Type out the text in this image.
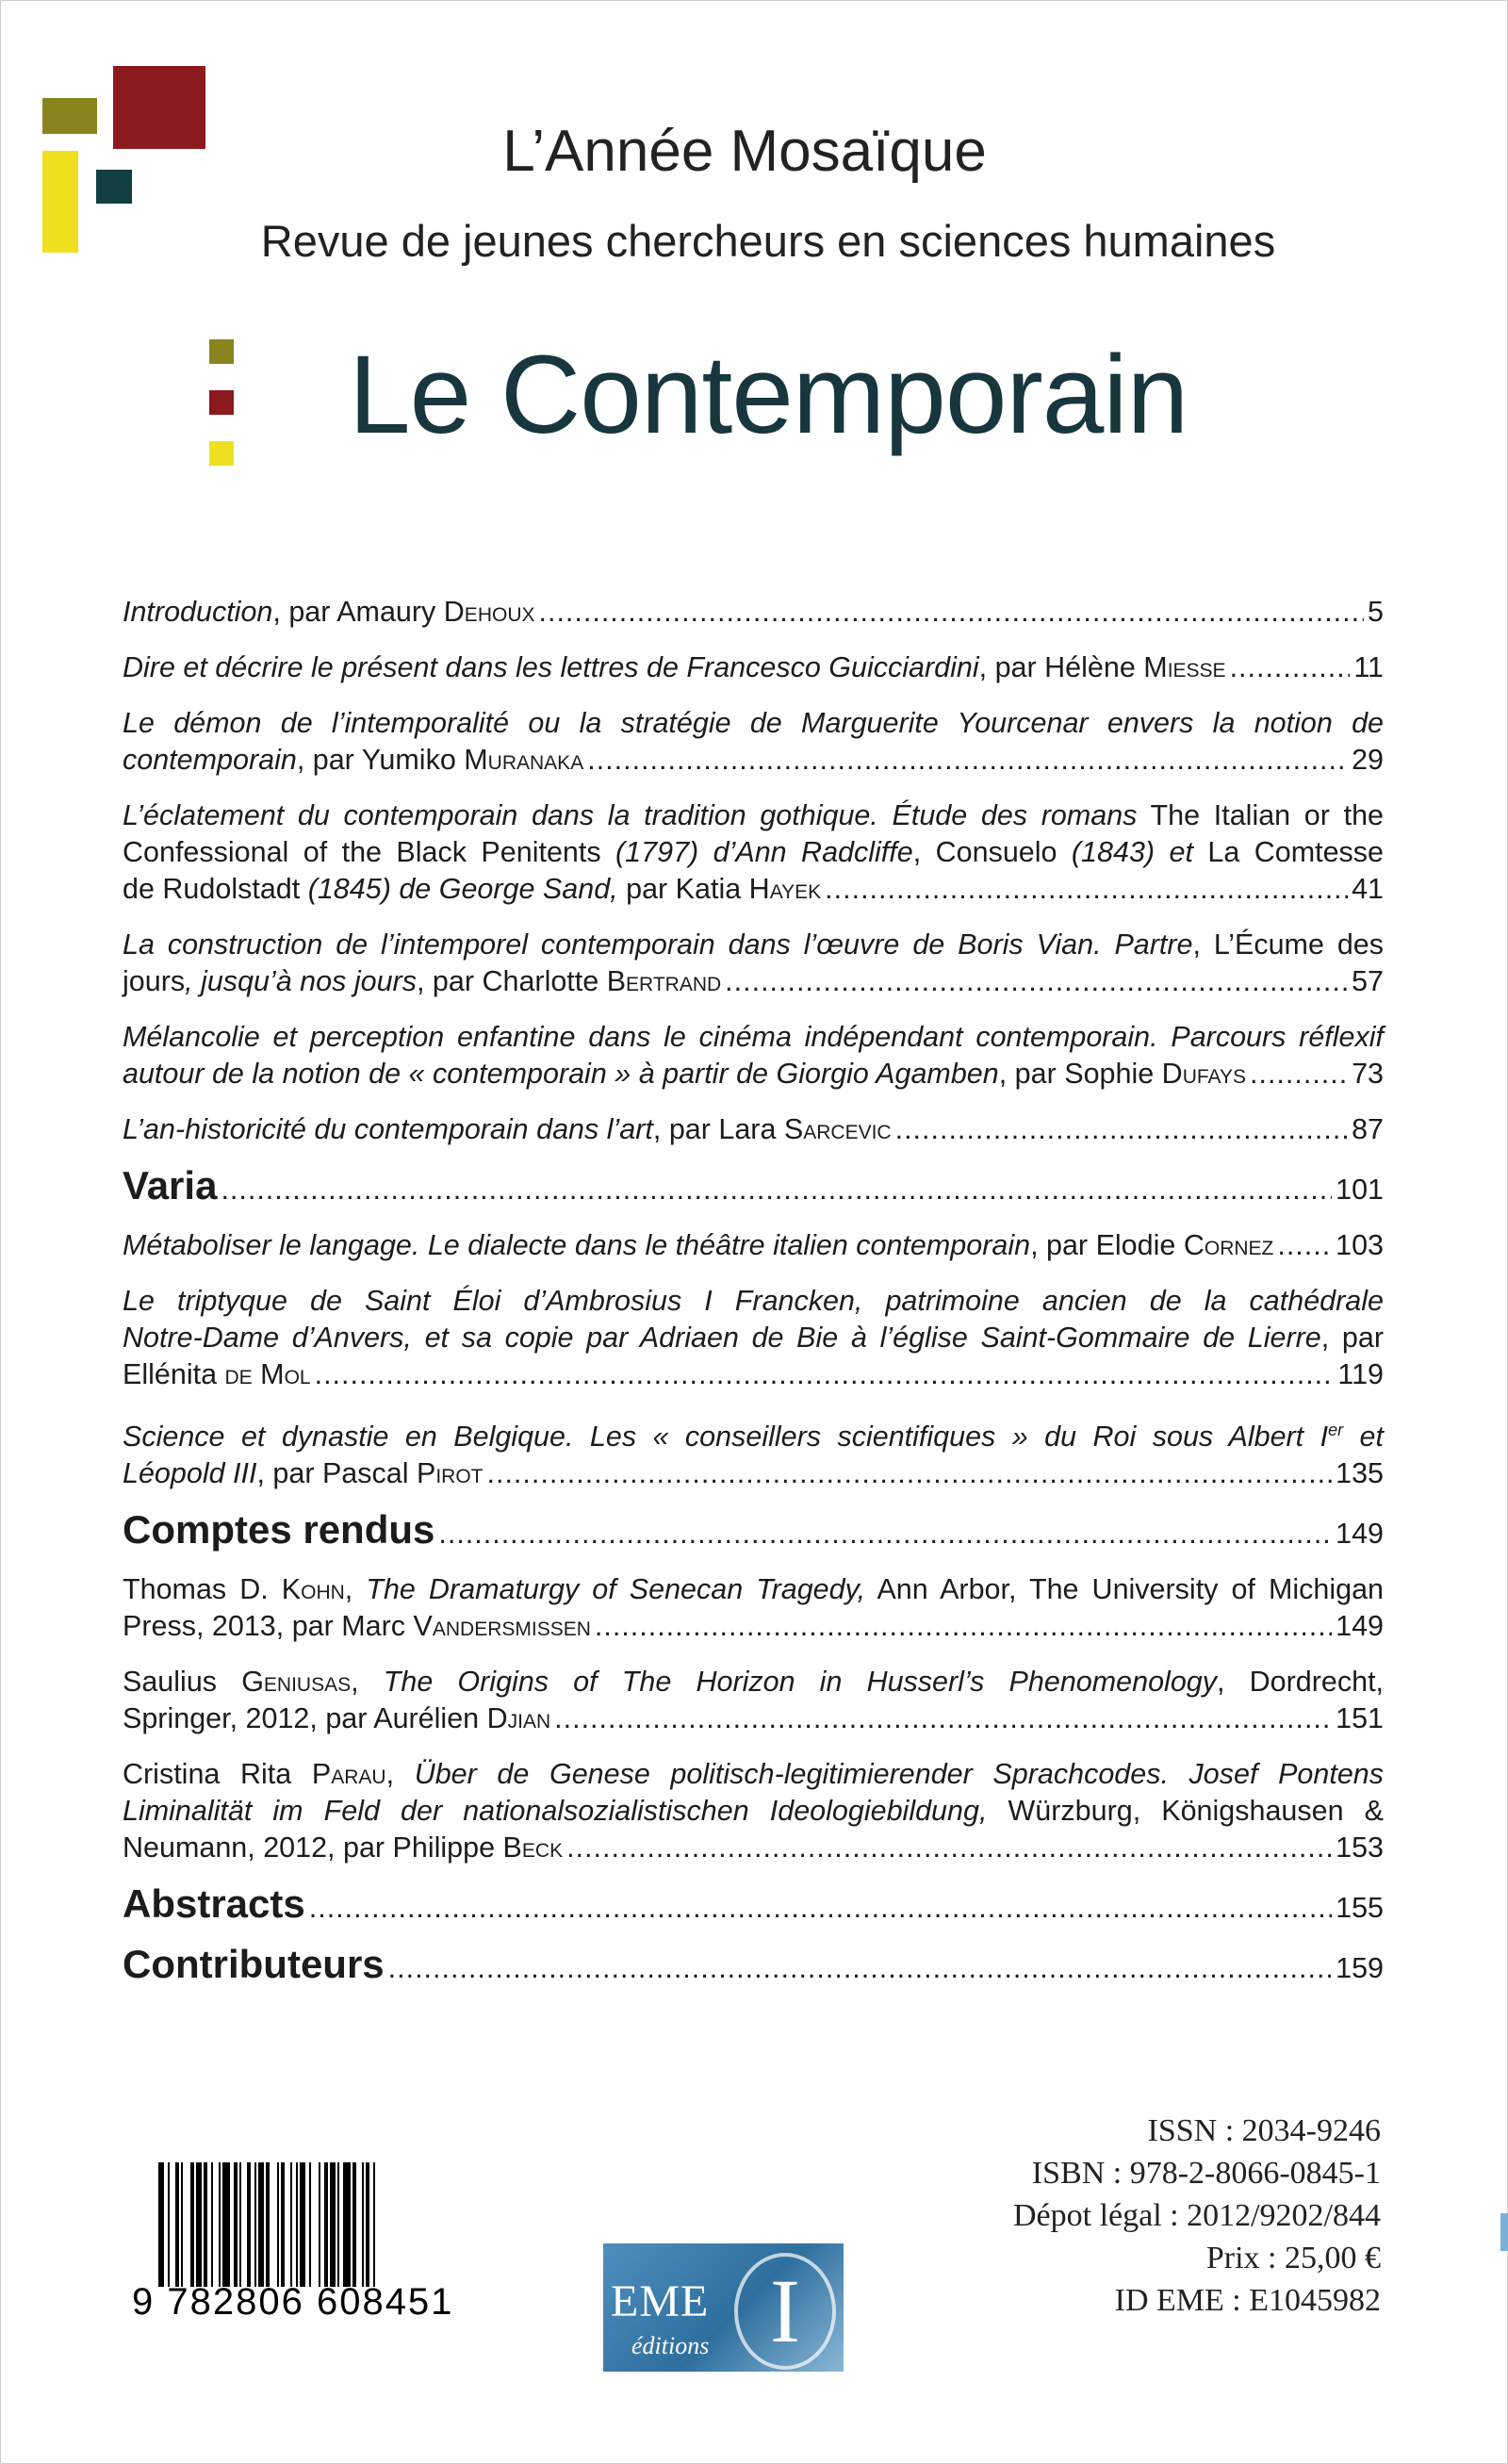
L’Année Mosaïque
Revue de jeunes chercheurs en sciences humaines
Le Contemporain
Introduction, par Amaury Dehoux .....	5
Dire et décrire le présent dans les lettres de Francesco Guicciardini, par Hélène Miesse .....	11
Le démon de l’intemporalité ou la stratégie de Marguerite Yourcenar envers la notion de
contemporain, par Yumiko Muranaka .....	29
L’éclatement du contemporain dans la tradition gothique. Étude des romans The Italian or the
Confessional of the Black Penitents (1797) d’Ann Radcliffe, Consuelo (1843) et La Comtesse
de Rudolstadt (1845) de George Sand, par Katia Hayek .....	41
La construction de l’intemporel contemporain dans l’œuvre de Boris Vian. Partre, L’Écume des
jours, jusqu’à nos jours, par Charlotte Bertrand .....	57
Mélancolie et perception enfantine dans le cinéma indépendant contemporain. Parcours réflexif
autour de la notion de « contemporain » à partir de Giorgio Agamben, par Sophie Dufays .....	73
L’an-historicité du contemporain dans l’art, par Lara Sarcevic .....	87
Varia .....	101
Métaboliser le langage. Le dialecte dans le théâtre italien contemporain, par Elodie Cornez ..... 103
Le triptyque de Saint Éloi d’Ambrosius I Francken, patrimoine ancien de la cathédrale
Notre-Dame d’Anvers, et sa copie par Adriaen de Bie à l’église Saint-Gommaire de Lierre, par
Ellénita de Mol .....	119
Science et dynastie en Belgique. Les « conseillers scientifiques » du Roi sous Albert Ier et
Léopold III, par Pascal Pirot .....	135
Comptes rendus .....	149
Thomas D. Kohn, The Dramaturgy of Senecan Tragedy, Ann Arbor, The University of Michigan
Press, 2013, par Marc Vandersmissen .....	149
Saulius Geniusas, The Origins of The Horizon in Husserl’s Phenomenology, Dordrecht,
Springer, 2012, par Aurélien Djian .....	151
Cristina Rita Parau, Über de Genese politisch-legitimierender Sprachcodes. Josef Pontens
Liminalität im Feld der nationalsozialistischen Ideologiebildung, Würzburg, Königshausen &
Neumann, 2012, par Philippe Beck .....	153
Abstracts .....	155
Contributeurs .....	159
9 782806 608451	EME
éditions I
ISSN : 2034-9246
ISBN : 978-2-8066-0845-1
Dépot légal : 2012/9202/844
Prix : 25,00 €
ID EME : E1045982
